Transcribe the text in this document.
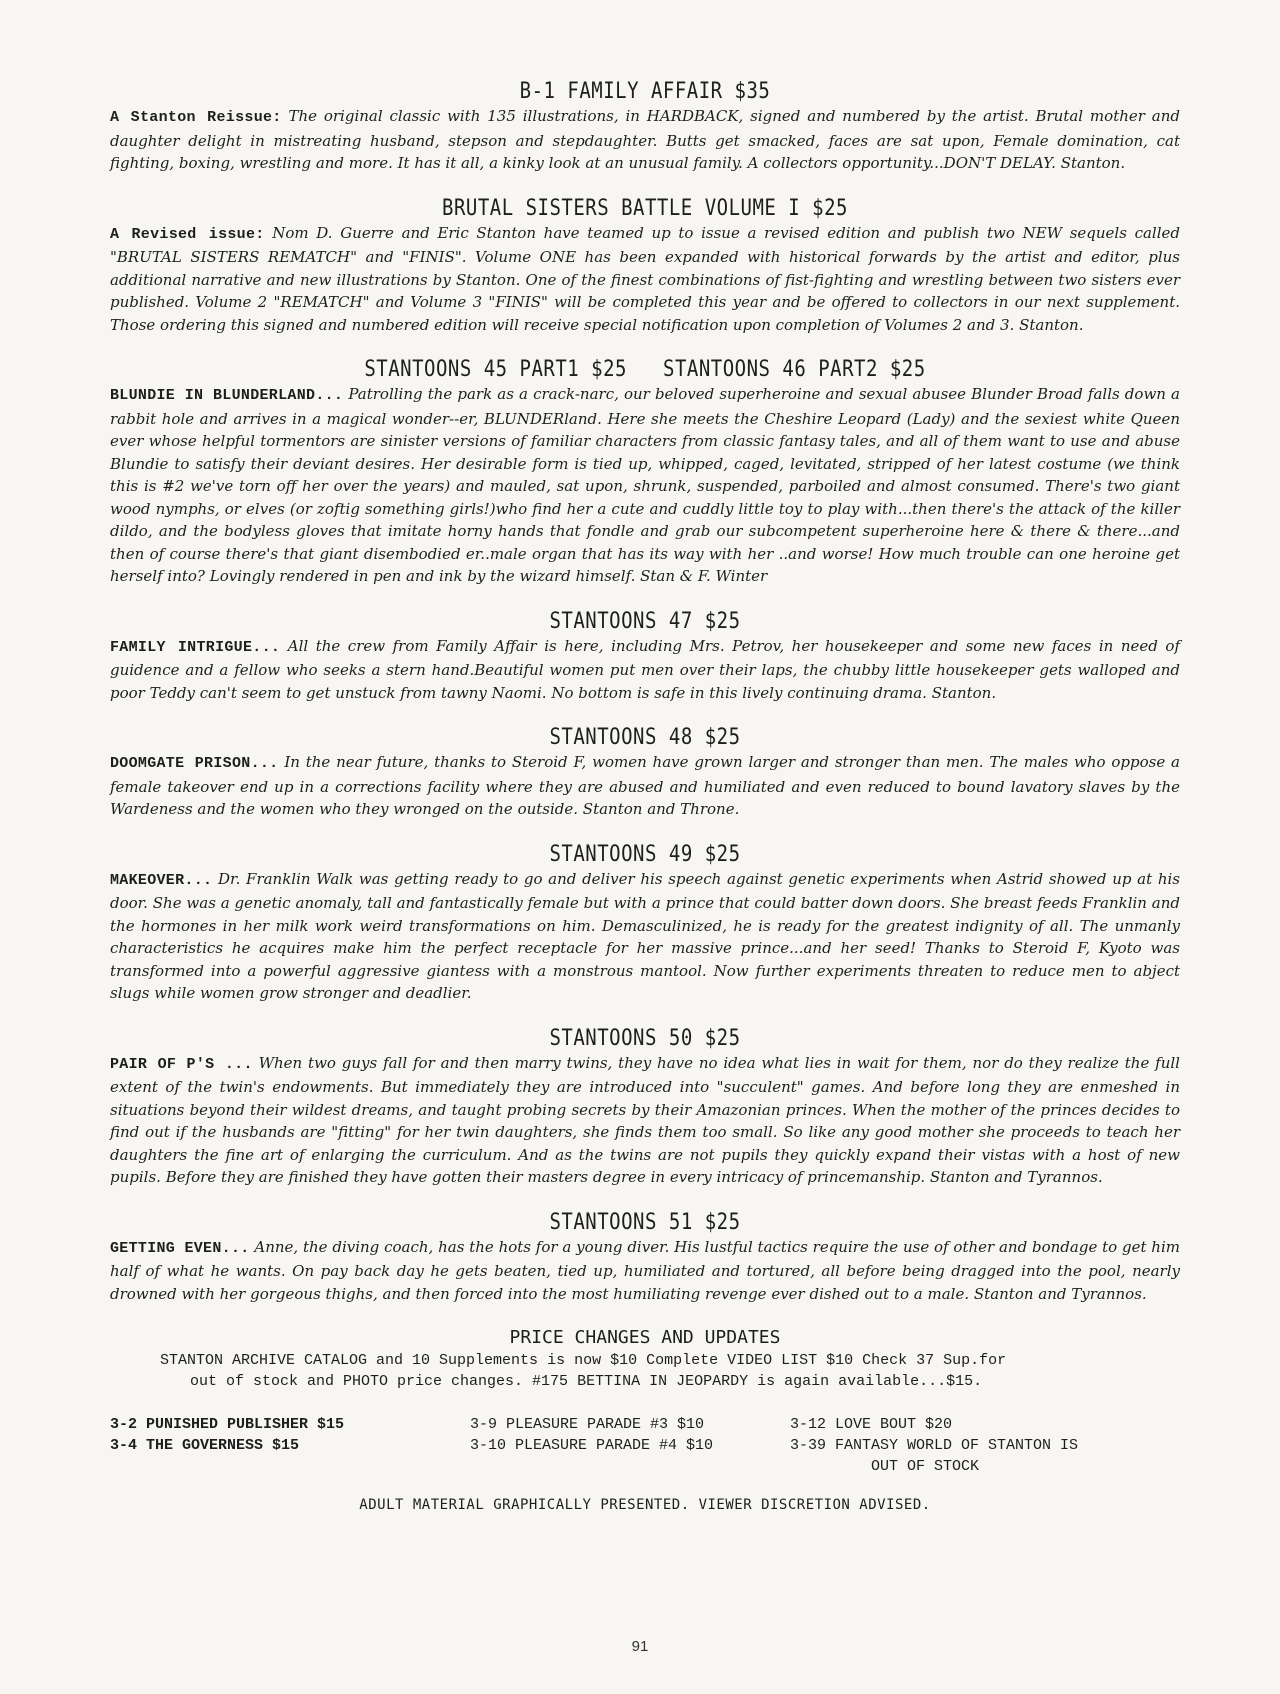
B-1 FAMILY AFFAIR $35

A Stanton Reissue: The original classic with 135 illustrations, in HARDBACK, signed and numbered by the artist. Brutal mother and daughter delight in mistreating husband, stepson and stepdaughter. Butts get smacked, faces are sat upon, Female domination, cat fighting, boxing, wrestling and more. It has it all, a kinky look at an unusual family. A collectors opportunity...DON'T DELAY. Stanton.

BRUTAL SISTERS BATTLE VOLUME I $25

A Revised issue: Nom D. Guerre and Eric Stanton have teamed up to issue a revised edition and publish two NEW sequels called "BRUTAL SISTERS REMATCH" and "FINIS". Volume ONE has been expanded with historical forwards by the artist and editor, plus additional narrative and new illustrations by Stanton. One of the finest combinations of fist-fighting and wrestling between two sisters ever published. Volume 2 "REMATCH" and Volume 3 "FINIS" will be completed this year and be offered to collectors in our next supplement. Those ordering this signed and numbered edition will receive special notification upon completion of Volumes 2 and 3. Stanton.

STANTOONS 45 PART1 $25 STANTOONS 46 PART2 $25

BLUNDIE IN BLUNDERLAND... Patrolling the park as a crack-narc, our beloved superheroine and sexual abusee Blunder Broad falls down a rabbit hole and arrives in a magical wonder--er, BLUNDERland. Here she meets the Cheshire Leopard (Lady) and the sexiest white Queen ever whose helpful tormentors are sinister versions of familiar characters from classic fantasy tales, and all of them want to use and abuse Blundie to satisfy their deviant desires. Her desirable form is tied up, whipped, caged, levitated, stripped of her latest costume (we think this is #2 we've torn off her over the years) and mauled, sat upon, shrunk, suspended, parboiled and almost consumed. There's two giant wood nymphs, or elves (or zoftig something girls!)who find her a cute and cuddly little toy to play with...then there's the attack of the killer dildo, and the bodyless gloves that imitate horny hands that fondle and grab our subcompetent superheroine here & there & there...and then of course there's that giant disembodied er..male organ that has its way with her ..and worse! How much trouble can one heroine get herself into? Lovingly rendered in pen and ink by the wizard himself. Stan & F. Winter

STANTOONS 47 $25

FAMILY INTRIGUE... All the crew from Family Affair is here, including Mrs. Petrov, her housekeeper and some new faces in need of guidence and a fellow who seeks a stern hand.Beautiful women put men over their laps, the chubby little housekeeper gets walloped and poor Teddy can't seem to get unstuck from tawny Naomi. No bottom is safe in this lively continuing drama. Stanton.

STANTOONS 48 $25

DOOMGATE PRISON... In the near future, thanks to Steroid F, women have grown larger and stronger than men. The males who oppose a female takeover end up in a corrections facility where they are abused and humiliated and even reduced to bound lavatory slaves by the Wardeness and the women who they wronged on the outside. Stanton and Throne.

STANTOONS 49 $25

MAKEOVER... Dr. Franklin Walk was getting ready to go and deliver his speech against genetic experiments when Astrid showed up at his door. She was a genetic anomaly, tall and fantastically female but with a prince that could batter down doors. She breast feeds Franklin and the hormones in her milk work weird transformations on him. Demasculinized, he is ready for the greatest indignity of all. The unmanly characteristics he acquires make him the perfect receptacle for her massive prince...and her seed! Thanks to Steroid F, Kyoto was transformed into a powerful aggressive giantess with a monstrous mantool. Now further experiments threaten to reduce men to abject slugs while women grow stronger and deadlier.

STANTOONS 50 $25

PAIR OF P'S ... When two guys fall for and then marry twins, they have no idea what lies in wait for them, nor do they realize the full extent of the twin's endowments. But immediately they are introduced into "succulent" games. And before long they are enmeshed in situations beyond their wildest dreams, and taught probing secrets by their Amazonian princes. When the mother of the princes decides to find out if the husbands are "fitting" for her twin daughters, she finds them too small. So like any good mother she proceeds to teach her daughters the fine art of enlarging the curriculum. And as the twins are not pupils they quickly expand their vistas with a host of new pupils. Before they are finished they have gotten their masters degree in every intricacy of princemanship. Stanton and Tyrannos.

STANTOONS 51 $25

GETTING EVEN... Anne, the diving coach, has the hots for a young diver. His lustful tactics require the use of other and bondage to get him half of what he wants. On pay back day he gets beaten, tied up, humiliated and tortured, all before being dragged into the pool, nearly drowned with her gorgeous thighs, and then forced into the most humiliating revenge ever dished out to a male. Stanton and Tyrannos.

PRICE CHANGES AND UPDATES
STANTON ARCHIVE CATALOG and 10 Supplements is now $10 Complete VIDEO LIST $10 Check 37 Sup.for
out of stock and PHOTO price changes. #175 BETTINA IN JEOPARDY is again available...$15.
3-2 PUNISHED PUBLISHER $15
3-4 THE GOVERNESS $15
3-9 PLEASURE PARADE #3 $10
3-10 PLEASURE PARADE #4 $10
3-12 LOVE BOUT $20
3-39 FANTASY WORLD OF STANTON IS
OUT OF STOCK
ADULT MATERIAL GRAPHICALLY PRESENTED. VIEWER DISCRETION ADVISED.
91
